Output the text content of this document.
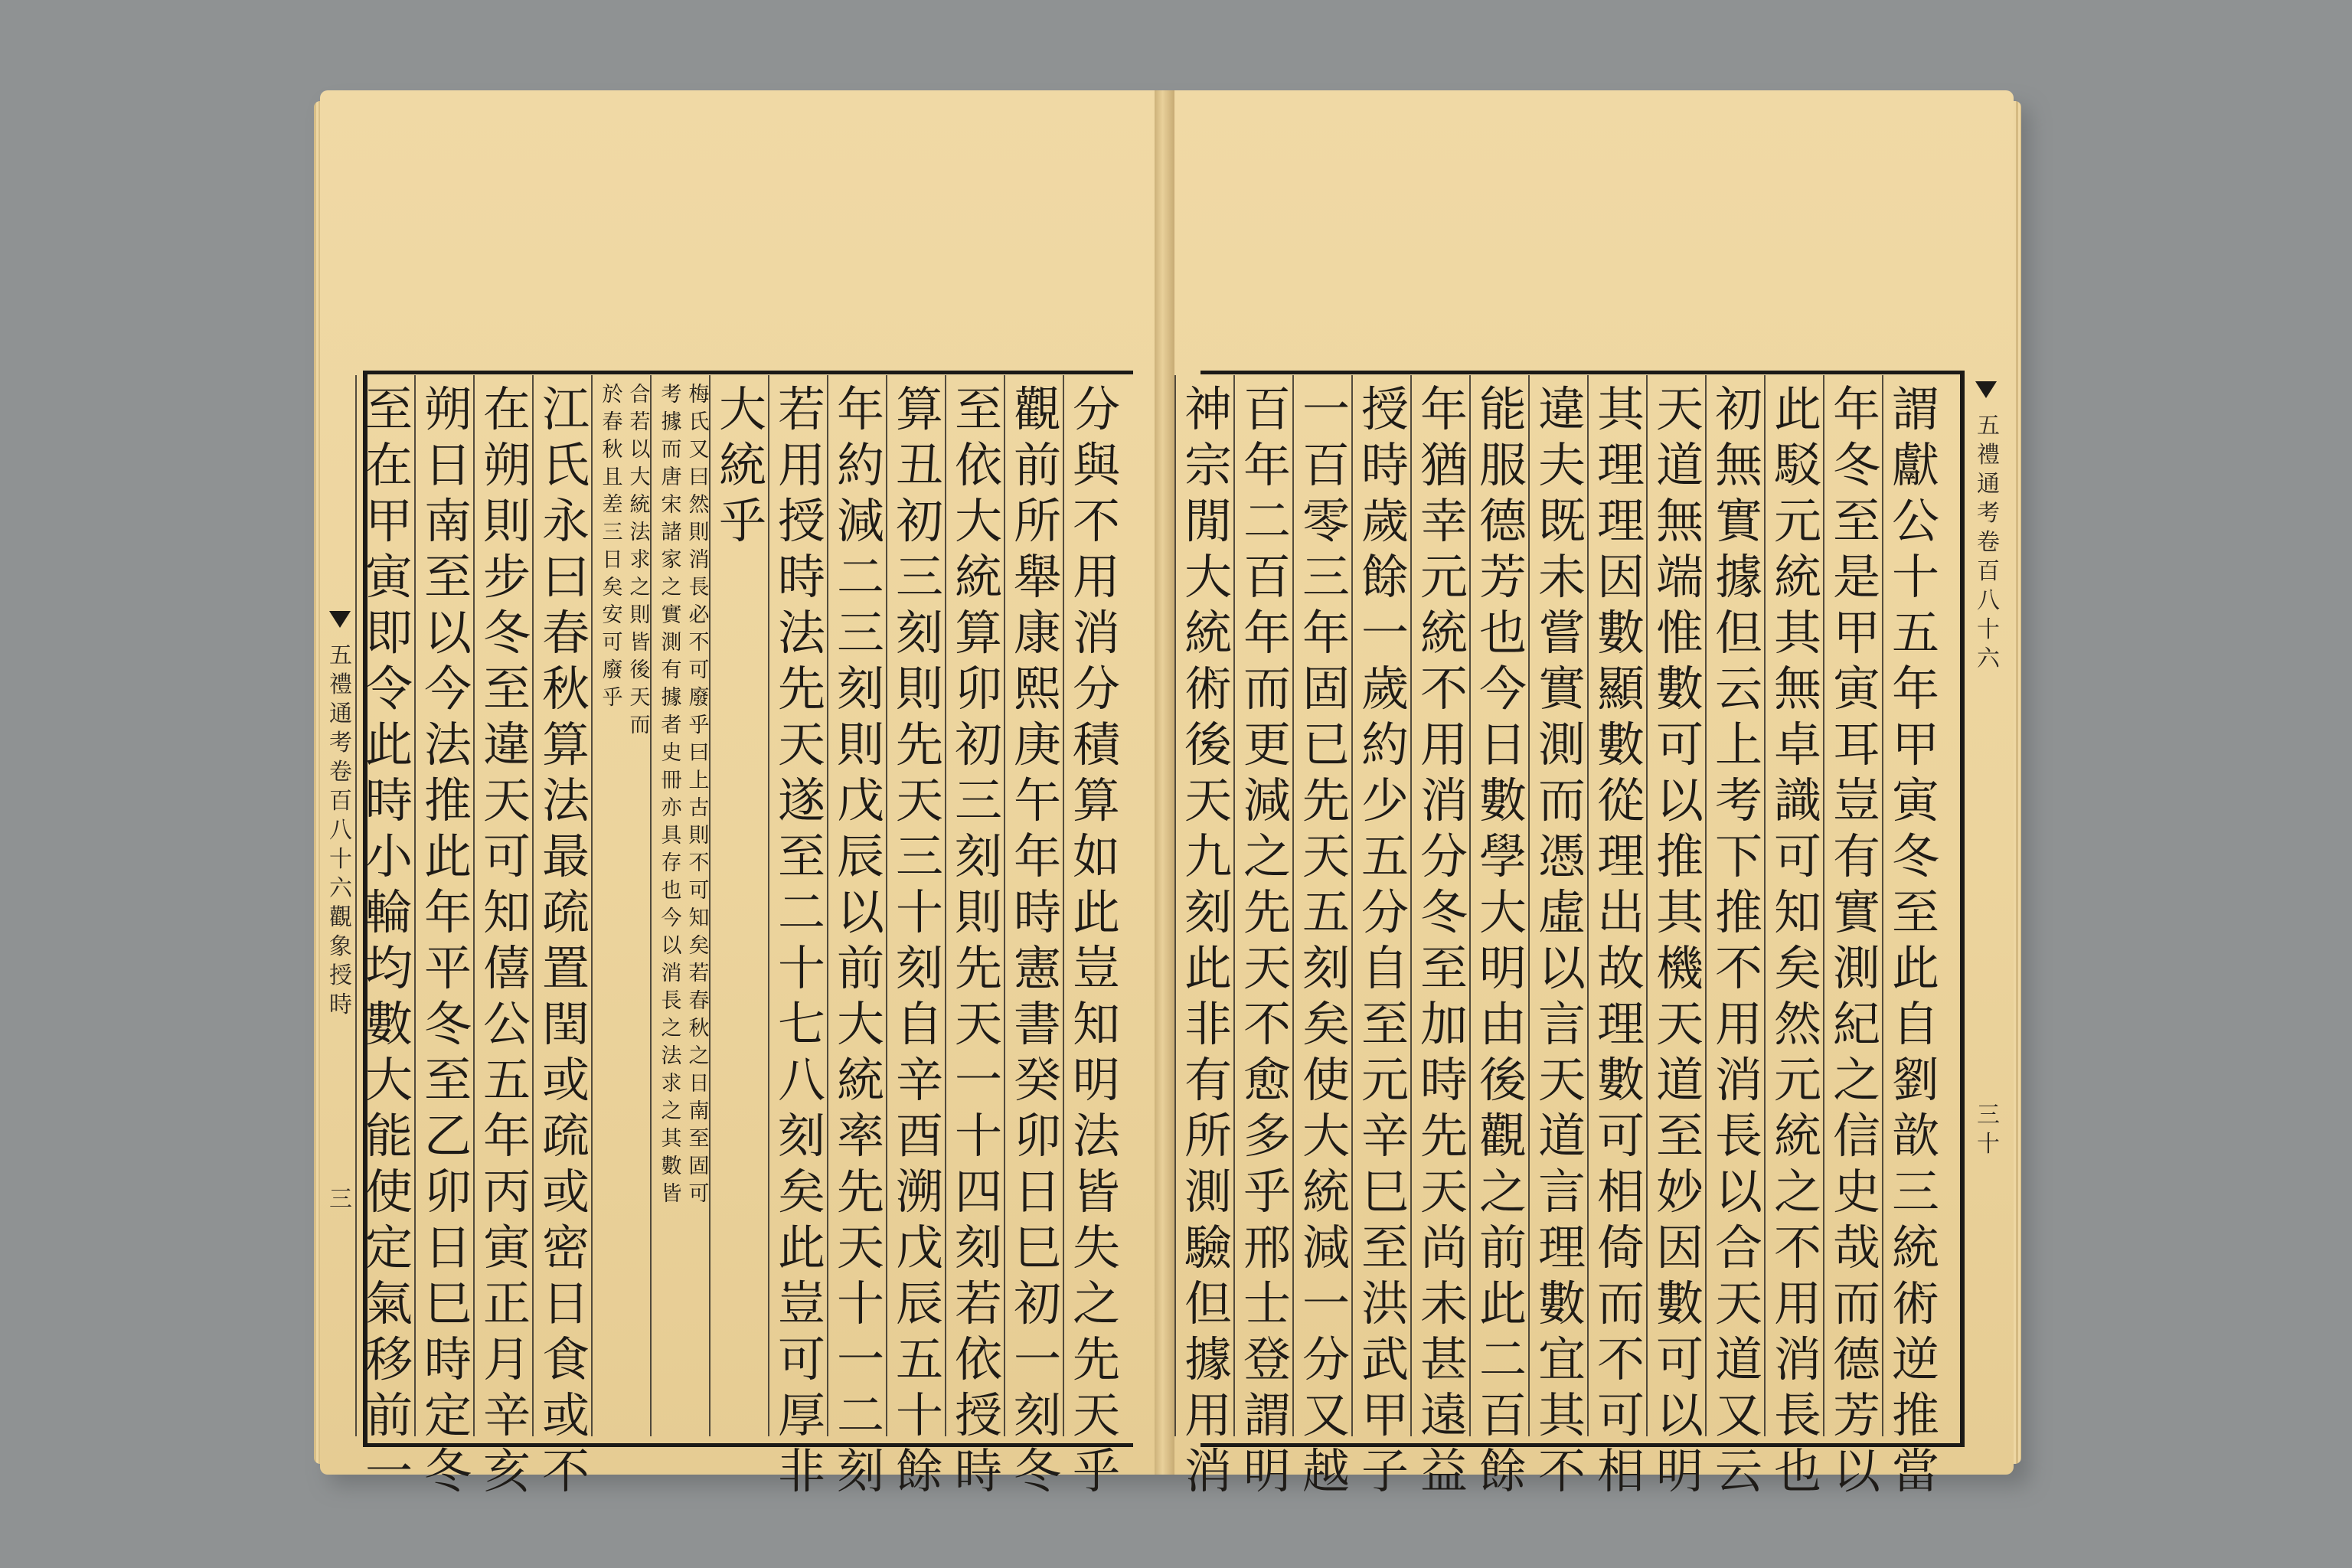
分
與
不
用
消
分
積
算
如
此
豈
知
明
法
皆
失
之
先
天
乎
觀
前
所
舉
康
熙
庚
午
年
時
憲
書
癸
卯
日
巳
初
一
刻
冬
至
依
大
統
算
卯
初
三
刻
則
先
天
一
十
四
刻
若
依
授
時
算
丑
初
三
刻
則
先
天
三
十
刻
自
辛
酉
溯
戊
辰
五
十
餘
年
約
減
二
三
刻
則
戊
辰
以
前
大
統
率
先
天
十
一
二
刻
若
用
授
時
法
先
天
遂
至
二
十
七
八
刻
矣
此
豈
可
厚
非
大
統
乎
梅
氏
又
曰
然
則
消
長
必
不
可
廢
乎
曰
上
古
則
不
可
知
矣
若
春
秋
之
日
南
至
固
可
考
據
而
唐
宋
諸
家
之
實
測
有
據
者
史
冊
亦
具
存
也
今
以
消
長
之
法
求
之
其
數
皆
合
若
以
大
統
法
求
之
則
皆
後
天
而
於
春
秋
且
差
三
日
矣
安
可
廢
乎
江
氏
永
曰
春
秋
算
法
最
疏
置
閏
或
疏
或
密
日
食
或
不
在
朔
則
步
冬
至
違
天
可
知
僖
公
五
年
丙
寅
正
月
辛
亥
朔
日
南
至
以
今
法
推
此
年
平
冬
至
乙
卯
日
巳
時
定
冬
至
在
甲
寅
即
令
此
時
小
輪
均
數
大
能
使
定
氣
移
前
一
謂
獻
公
十
五
年
甲
寅
冬
至
此
自
劉
歆
三
統
術
逆
推
當
年
冬
至
是
甲
寅
耳
豈
有
實
測
紀
之
信
史
哉
而
德
芳
以
此
駁
元
統
其
無
卓
識
可
知
矣
然
元
統
之
不
用
消
長
也
初
無
實
據
但
云
上
考
下
推
不
用
消
長
以
合
天
道
又
云
天
道
無
端
惟
數
可
以
推
其
機
天
道
至
妙
因
數
可
以
明
其
理
理
因
數
顯
數
從
理
出
故
理
數
可
相
倚
而
不
可
相
違
夫
既
未
嘗
實
測
而
憑
虛
以
言
天
道
言
理
數
宜
其
不
能
服
德
芳
也
今
日
數
學
大
明
由
後
觀
之
前
此
二
百
餘
年
猶
幸
元
統
不
用
消
分
冬
至
加
時
先
天
尚
未
甚
遠
益
授
時
歲
餘
一
歲
約
少
五
分
自
至
元
辛
巳
至
洪
武
甲
子
一
百
零
三
年
固
已
先
天
五
刻
矣
使
大
統
減
一
分
又
越
百
年
二
百
年
而
更
減
之
先
天
不
愈
多
乎
邢
士
登
謂
明
神
宗
閒
大
統
術
後
天
九
刻
此
非
有
所
測
驗
但
據
用
消
五
禮
通
考
卷
百
八
十
六
觀
象
授
時
三
五
禮
通
考
卷
百
八
十
六
三
十
